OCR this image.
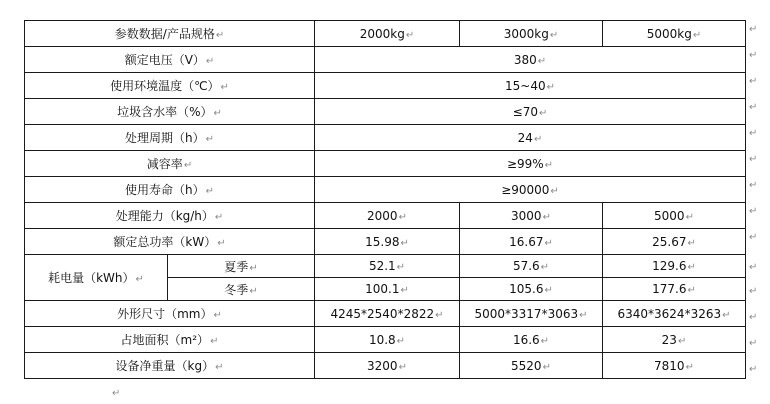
参数数据/产品规格↵		2000kg↵	3000kg↵	5000kg↵
额定电压（V）↵		380↵		
使用环境温度（℃）↵		15~40↵		
垃圾含水率（%）↵		≤70↵		
处理周期（h）↵		24↵		
减容率↵		≥99%↵		
使用寿命（h）↵		≥90000↵		
处理能力（kg/h）↵		2000↵	3000↵	5000↵
额定总功率（kW）↵		15.98↵	16.67↵	25.67↵
耗电量（kWh）↵	夏季↵	52.1↵	57.6↵	129.6↵
	冬季↵	100.1↵	105.6↵	177.6↵
外形尺寸（mm）↵		4245*2540*2822↵	5000*3317*3063↵	6340*3624*3263↵
占地面积（m²）↵		10.8↵	16.6↵	23↵
设备净重量（kg）↵		3200↵	5520↵	7810↵
↵
↵
↵
↵
↵
↵
↵
↵
↵
↵
↵
↵
↵
↵
↵
